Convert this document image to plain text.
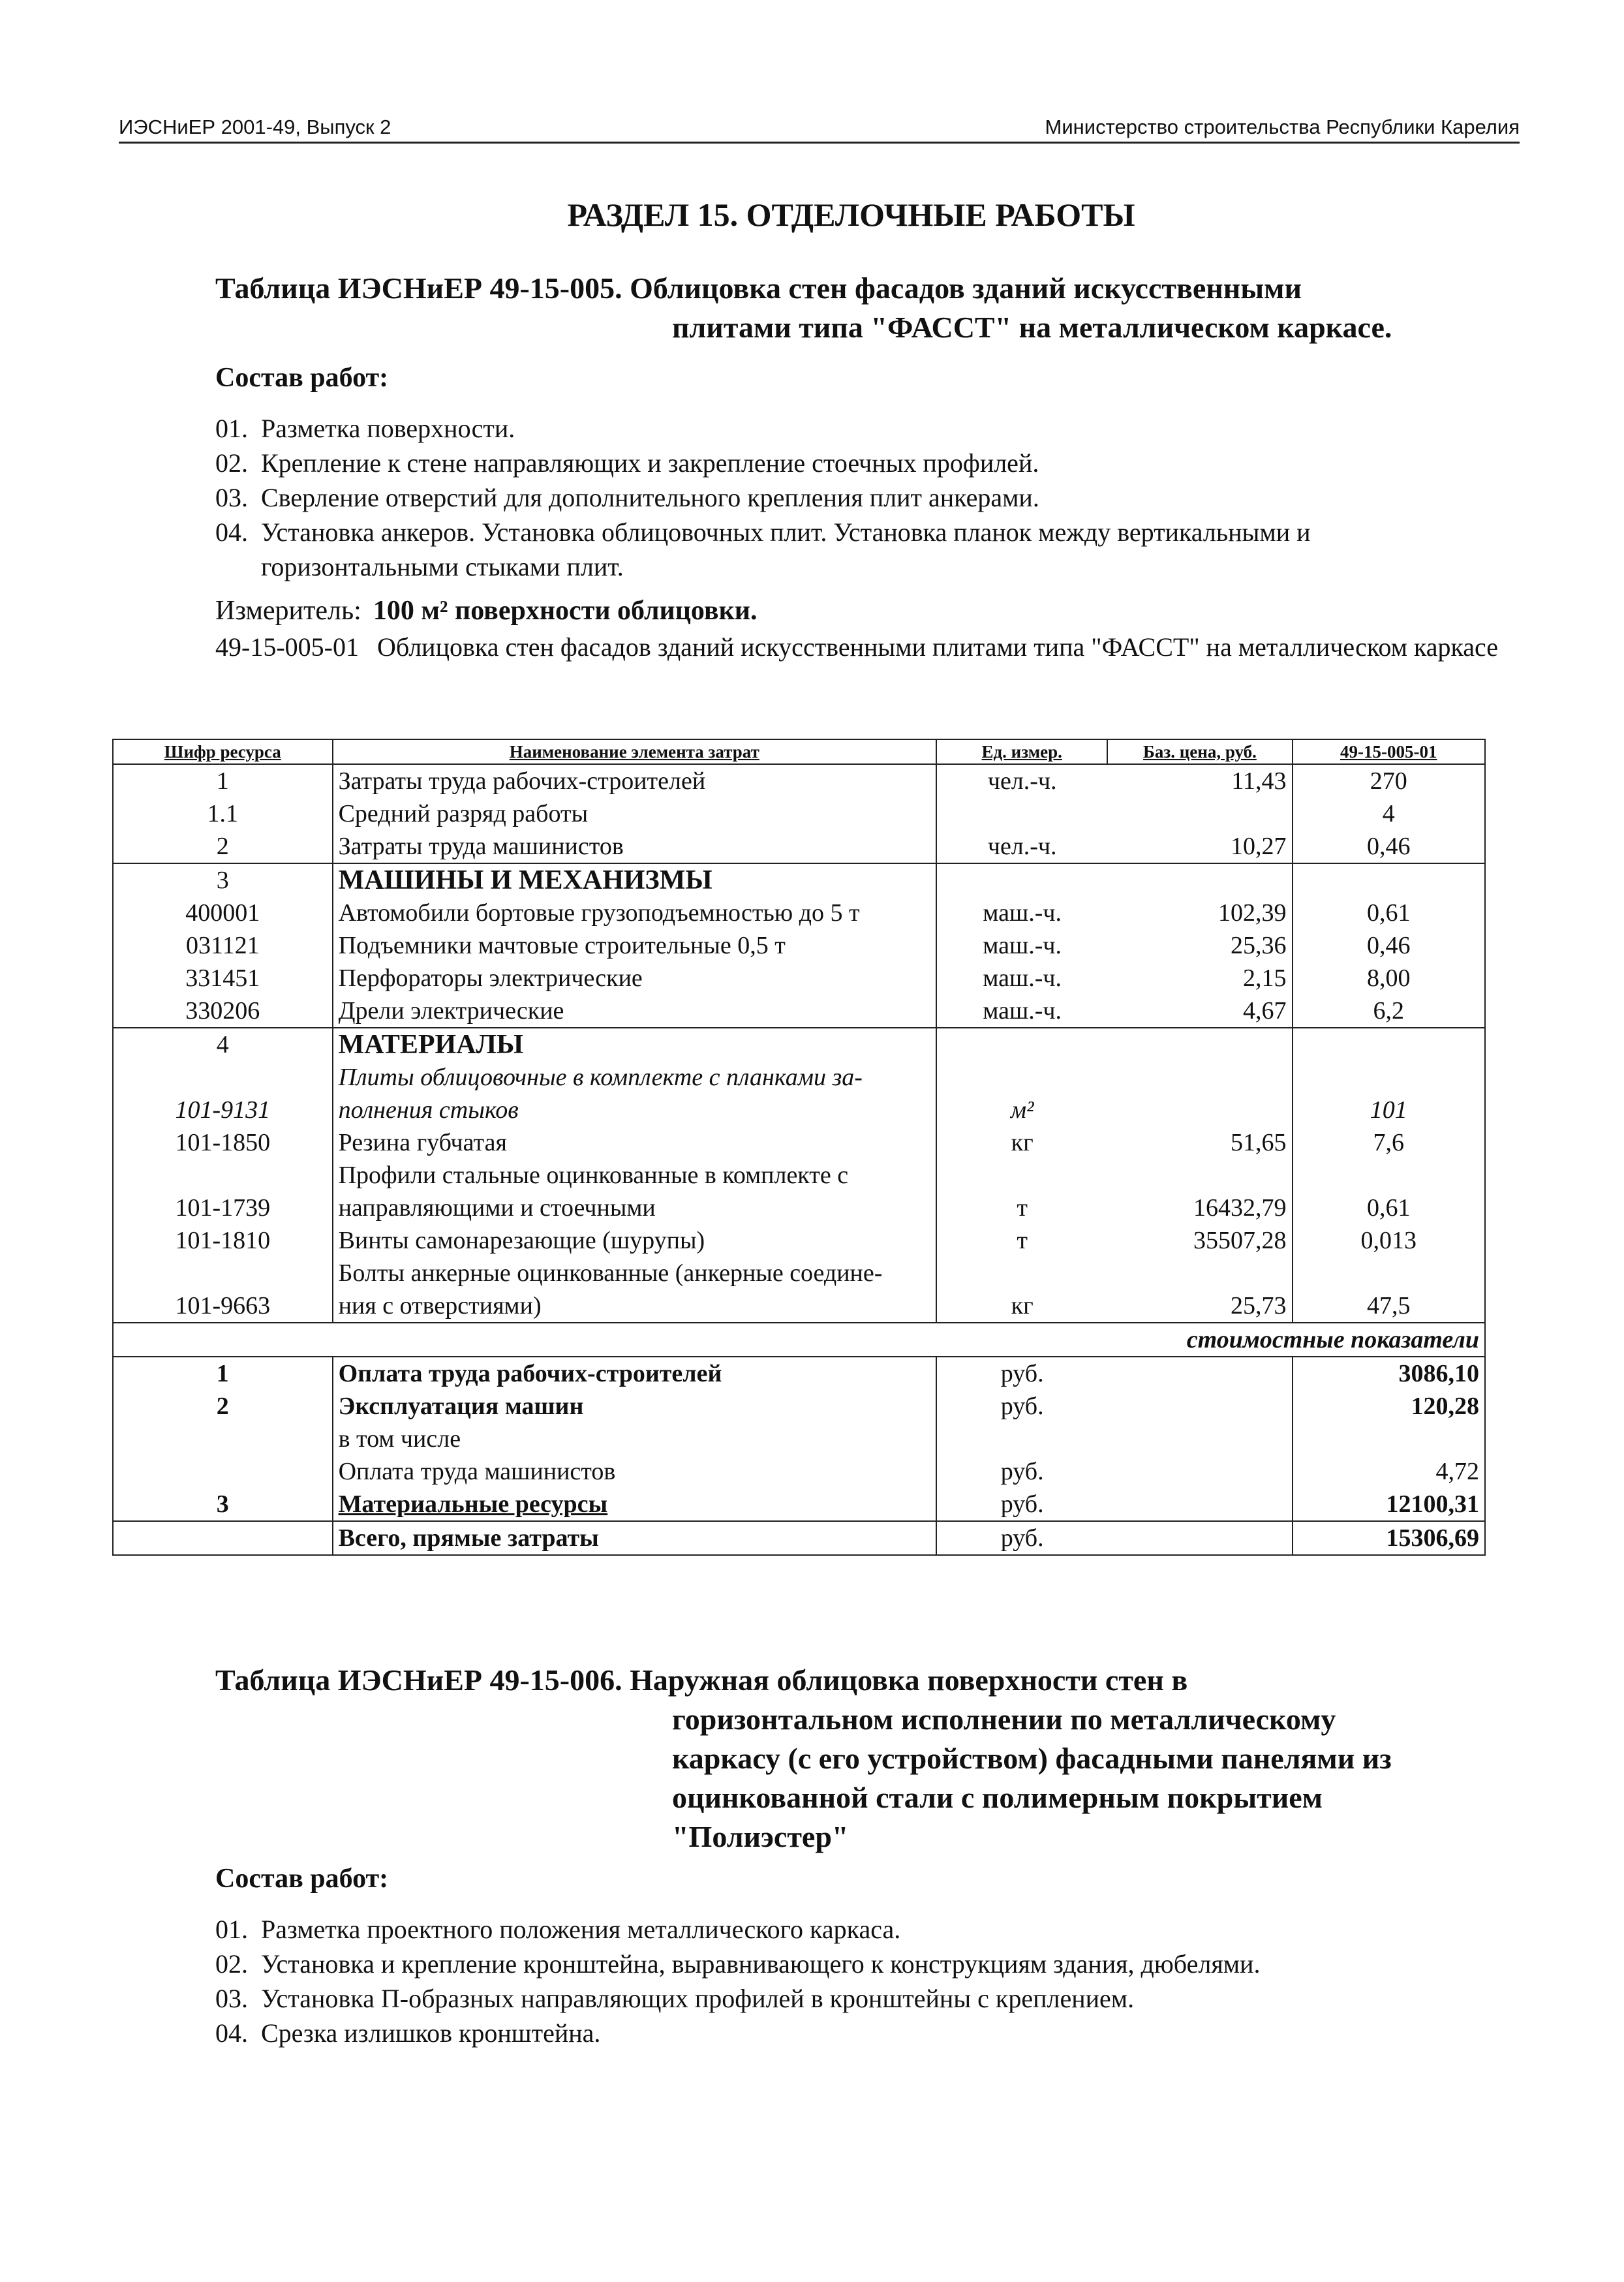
ИЭСНиЕР 2001-49, Выпуск 2	Министерство строительства Республики Карелия
РАЗДЕЛ 15. ОТДЕЛОЧНЫЕ РАБОТЫ
Таблица ИЭСНиЕР 49-15-005. Облицовка стен фасадов зданий искусственными
плитами типа "ФАССТ" на металлическом каркасе.
Состав работ:
01. Разметка поверхности.
02. Крепление к стене направляющих и закрепление стоечных профилей.
03. Сверление отверстий для дополнительного крепления плит анкерами.
04. Установка анкеров. Установка облицовочных плит. Установка планок между вертикальными и горизонтальными стыками плит.
Измеритель: 100 м² поверхности облицовки.
49-15-005-01 Облицовка стен фасадов зданий искусственными плитами типа "ФАССТ" на металлическом каркасе
Шифр ресурса	Наименование элемента затрат	Ед. измер.	Баз. цена, руб.	49-15-005-01
1	Затраты труда рабочих-строителей	чел.-ч.	11,43	270
1.1	Средний разряд работы			4
2	Затраты труда машинистов	чел.-ч.	10,27	0,46
3	МАШИНЫ И МЕХАНИЗМЫ			
400001	Автомобили бортовые грузоподъемностью до 5 т	маш.-ч.	102,39	0,61
031121	Подъемники мачтовые строительные 0,5 т	маш.-ч.	25,36	0,46
331451	Перфораторы электрические	маш.-ч.	2,15	8,00
330206	Дрели электрические	маш.-ч.	4,67	6,2
4	МАТЕРИАЛЫ			
	Плиты облицовочные в комплекте с планками за-			
101-9131	полнения стыков	м²		101
101-1850	Резина губчатая	кг	51,65	7,6
	Профили стальные оцинкованные в комплекте с			
101-1739	направляющими и стоечными	т	16432,79	0,61
101-1810	Винты самонарезающие (шурупы)	т	35507,28	0,013
	Болты анкерные оцинкованные (анкерные соедине-			
101-9663	ния с отверстиями)	кг	25,73	47,5
стоимостные показатели				
1	Оплата труда рабочих-строителей	руб.		3086,10
2	Эксплуатация машин	руб.		120,28
	в том числе			
	Оплата труда машинистов	руб.		4,72
3	Материальные ресурсы	руб.		12100,31
	Всего, прямые затраты	руб.		15306,69
Таблица ИЭСНиЕР 49-15-006. Наружная облицовка поверхности стен в
горизонтальном исполнении по металлическому
каркасу (с его устройством) фасадными панелями из
оцинкованной стали с полимерным покрытием
"Полиэстер"
Состав работ:
01. Разметка проектного положения металлического каркаса.
02. Установка и крепление кронштейна, выравнивающего к конструкциям здания, дюбелями.
03. Установка П-образных направляющих профилей в кронштейны с креплением.
04. Срезка излишков кронштейна.
